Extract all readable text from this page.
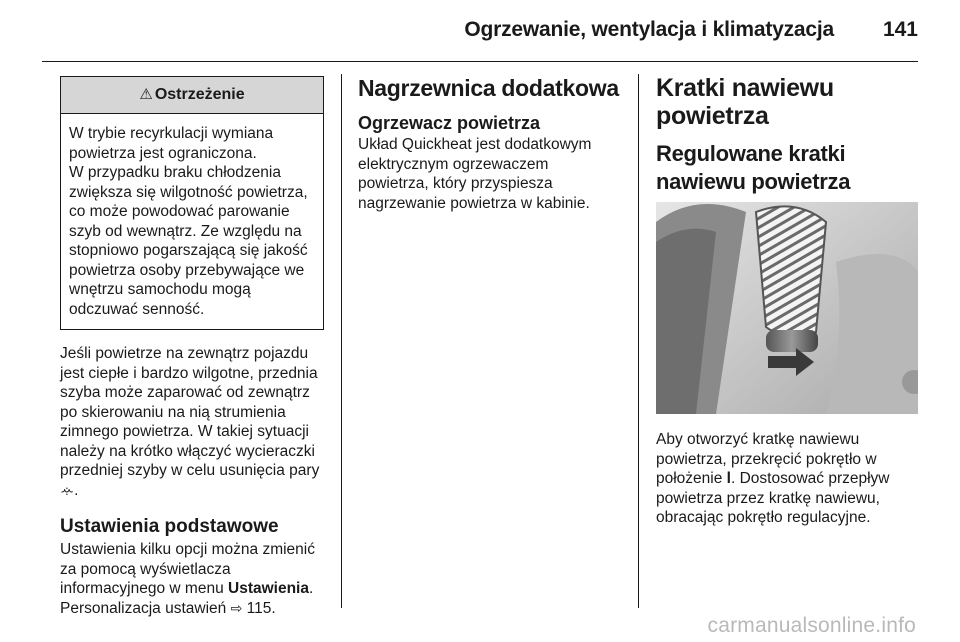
Ogrzewanie, wentylacja i klimatyzacja 141
⚠ Ostrzeżenie

W trybie recyrkulacji wymiana powietrza jest ograniczona.

W przypadku braku chłodzenia zwiększa się wilgotność powietrza, co może powodować parowanie szyb od wewnątrz. Ze względu na stopniowo pogarszającą się jakość powietrza osoby przebywające we wnętrzu samochodu mogą odczuwać senność.

Jeśli powietrze na zewnątrz pojazdu jest ciepłe i bardzo wilgotne, przednia szyba może zaparować od zewnątrz po skierowaniu na nią strumienia zimnego powietrza. W takiej sytuacji należy na krótko włączyć wycieraczki przedniej szyby w celu usunięcia pary ꕂ.

Ustawienia podstawowe

Ustawienia kilku opcji można zmienić za pomocą wyświetlacza informacyjnego w menu Ustawienia. Personalizacja ustawień ⇨ 115.

Nagrzewnica dodatkowa
Ogrzewacz powietrza

Układ Quickheat jest dodatkowym elektrycznym ogrzewaczem powietrza, który przyspiesza nagrzewanie powietrza w kabinie.

Kratki nawiewu powietrza
Regulowane kratki nawiewu powietrza

Aby otworzyć kratkę nawiewu powietrza, przekręcić pokrętło w położenie l. Dostosować przepływ powietrza przez kratkę nawiewu, obracając pokrętło regulacyjne.

carmanualsonline.info
